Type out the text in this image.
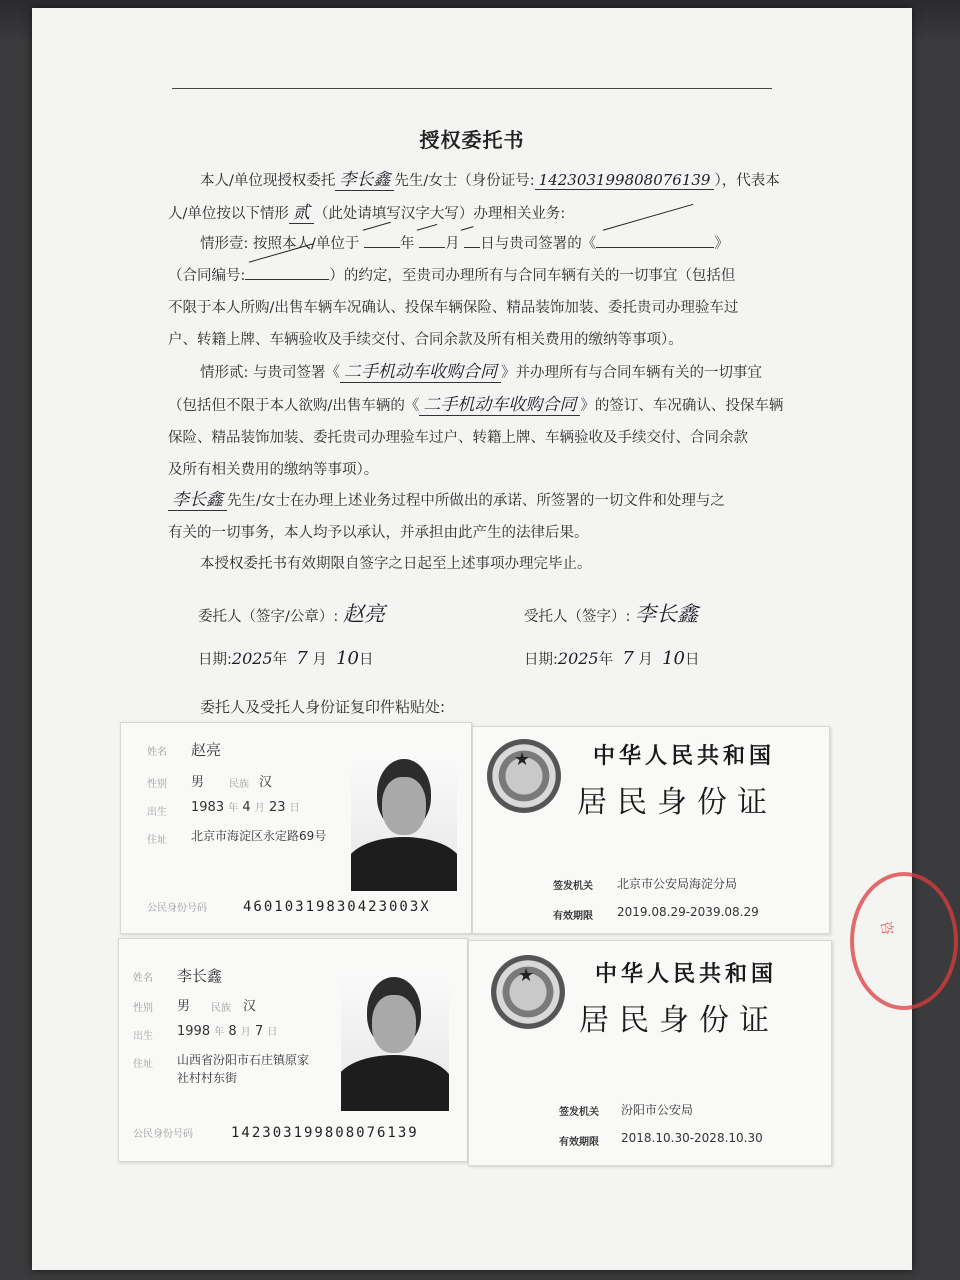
授权委托书
本人/单位现授权委托 李长鑫 先生/女士（身份证号: 142303199808076139 ），代表本
人/单位按以下情形 贰 （此处请填写汉字大写）办理相关业务:
情形壹: 按照本人/单位于	年 月 日与贵司签署的《	》
（合同编号:	）的约定，至贵司办理所有与合同车辆有关的一切事宜（包括但
不限于本人所购/出售车辆车况确认、投保车辆保险、精品装饰加装、委托贵司办理验车过
户、转籍上牌、车辆验收及手续交付、合同余款及所有相关费用的缴纳等事项）。
情形贰: 与贵司签署《 二手机动车收购合同 》并办理所有与合同车辆有关的一切事宜
（包括但不限于本人欲购/出售车辆的《 二手机动车收购合同 》的签订、车况确认、投保车辆
保险、精品装饰加装、委托贵司办理验车过户、转籍上牌、车辆验收及手续交付、合同余款
及所有相关费用的缴纳等事项）。
李长鑫 先生/女士在办理上述业务过程中所做出的承诺、所签署的一切文件和处理与之
有关的一切事务，本人均予以承认，并承担由此产生的法律后果。
本授权委托书有效期限自签字之日起至上述事项办理完毕止。
委托人（签字/公章）: 赵亮	受托人（签字）: 李长鑫
日期:2025年 7 月 10日	日期:2025年 7 月 10日
委托人及受托人身份证复印件粘贴处:
姓名 赵亮
性别 男 民族 汉
出生 1983 年 4 月 23 日
住址 北京市海淀区永定路69号
公民身份号码	46010319830423003X
★	中华人民共和国
居民身份证
签发机关 北京市公安局海淀分局
有效期限 2019.08.29-2039.08.29
姓名 李长鑫
性别 男 民族 汉
出生 1998 年 8 月 7 日
住址 山西省汾阳市石庄镇原家
社村村东街
公民身份号码	142303199808076139
★	中华人民共和国
居民身份证
签发机关 汾阳市公安局
有效期限 2018.10.30-2028.10.30
咨
